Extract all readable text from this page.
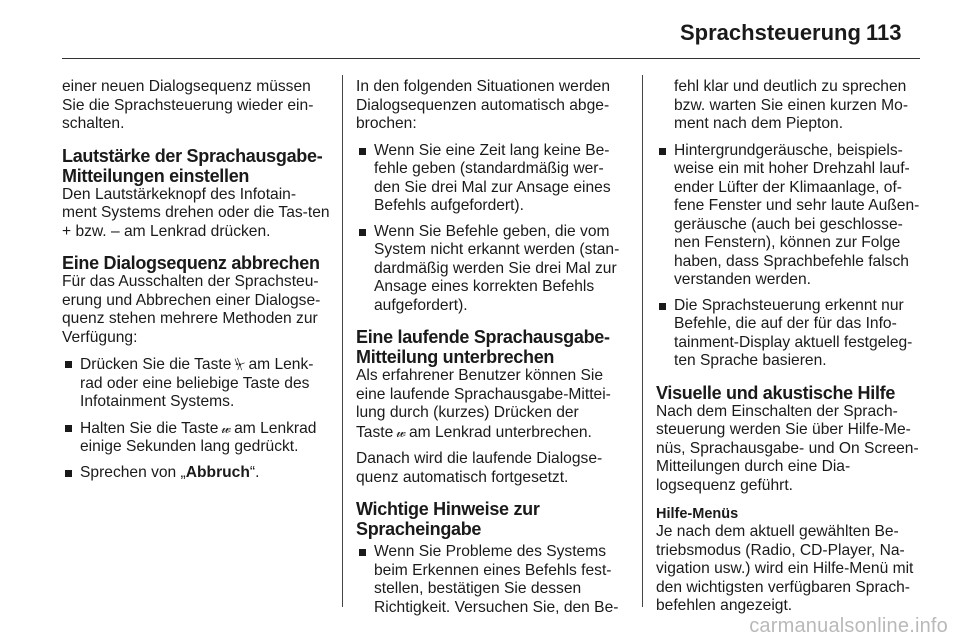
Sprachsteuerung 113

einer neuen Dialogsequenz müssen Sie die Sprachsteuerung wieder ein-schalten.

Lautstärke der Sprachausgabe-Mitteilungen einstellen

Den Lautstärkeknopf des Infotain-ment Systems drehen oder die Tas-ten + bzw. – am Lenkrad drücken.

Eine Dialogsequenz abbrechen

Für das Ausschalten der Sprachsteu-erung und Abbrechen einer Dialogse-quenz stehen mehrere Methoden zur Verfügung:

Drücken Sie die Taste ⏧ am Lenk-rad oder eine beliebige Taste des Infotainment Systems.
Halten Sie die Taste 𝓌 am Lenkrad einige Sekunden lang gedrückt.
Sprechen von „Abbruch“.

In den folgenden Situationen werden Dialogsequenzen automatisch abge-brochen:

Wenn Sie eine Zeit lang keine Be-fehle geben (standardmäßig wer-den Sie drei Mal zur Ansage eines Befehls aufgefordert).
Wenn Sie Befehle geben, die vom System nicht erkannt werden (stan-dardmäßig werden Sie drei Mal zur Ansage eines korrekten Befehls aufgefordert).
Eine laufende Sprachausgabe-Mitteilung unterbrechen

Als erfahrener Benutzer können Sie eine laufende Sprachausgabe-Mittei-lung durch (kurzes) Drücken der Taste 𝓌 am Lenkrad unterbrechen.

Danach wird die laufende Dialogse-quenz automatisch fortgesetzt.

Wichtige Hinweise zur Spracheingabe
Wenn Sie Probleme des Systems beim Erkennen eines Befehls fest-stellen, bestätigen Sie dessen Richtigkeit. Versuchen Sie, den Be-

fehl klar und deutlich zu sprechen bzw. warten Sie einen kurzen Mo-ment nach dem Piepton.

Hintergrundgeräusche, beispiels-weise ein mit hoher Drehzahl lauf-ender Lüfter der Klimaanlage, of-fene Fenster und sehr laute Außen-geräusche (auch bei geschlosse-nen Fenstern), können zur Folge haben, dass Sprachbefehle falsch verstanden werden.
Die Sprachsteuerung erkennt nur Befehle, die auf der für das Info-tainment-Display aktuell festgeleg-ten Sprache basieren.
Visuelle und akustische Hilfe

Nach dem Einschalten der Sprach-steuerung werden Sie über Hilfe-Me-nüs, Sprachausgabe- und On Screen-Mitteilungen durch eine Dia-logsequenz geführt.

Hilfe-Menüs

Je nach dem aktuell gewählten Be-triebsmodus (Radio, CD-Player, Na-vigation usw.) wird ein Hilfe-Menü mit den wichtigsten verfügbaren Sprach-befehlen angezeigt.

carmanualsonline.info
